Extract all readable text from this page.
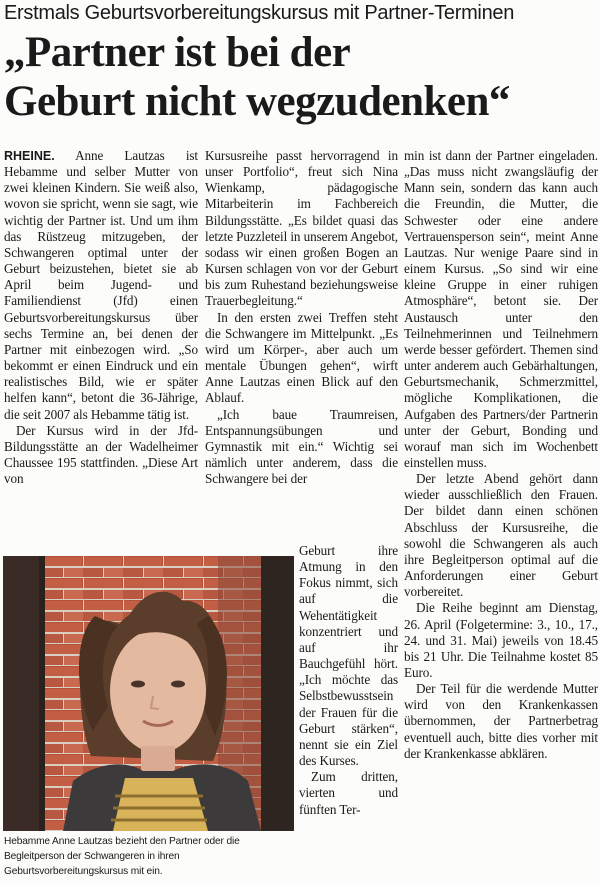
Erstmals Geburtsvorbereitungskursus mit Partner-Terminen
„Partner ist bei der
Geburt nicht wegzudenken“

RHEINE. Anne Lautzas ist Hebamme und selber Mutter von zwei kleinen Kindern. Sie weiß also, wovon sie spricht, wenn sie sagt, wie wichtig der Partner ist. Und um ihm das Rüstzeug mitzugeben, der Schwangeren optimal unter der Geburt beizustehen, bietet sie ab April beim Jugend- und Familiendienst (Jfd) einen Geburtsvorbereitungskursus über sechs Termine an, bei denen der Partner mit einbezogen wird. „So bekommt er einen Eindruck und ein realistisches Bild, wie er später helfen kann“, betont die 36-Jährige, die seit 2007 als Hebamme tätig ist.

Der Kursus wird in der Jfd-Bildungsstätte an der Wadelheimer Chaussee 195 stattfinden. „Diese Art von

Kursusreihe passt hervorragend in unser Portfolio“, freut sich Nina Wienkamp, pädagogische Mitarbeiterin im Fachbereich Bildungsstätte. „Es bildet quasi das letzte Puzzleteil in unserem Angebot, sodass wir einen großen Bogen an Kursen schlagen von vor der Geburt bis zum Ruhestand beziehungsweise Trauerbegleitung.“

In den ersten zwei Treffen steht die Schwangere im Mittelpunkt. „Es wird um Körper-, aber auch um mentale Übungen gehen“, wirft Anne Lautzas einen Blick auf den Ablauf.

„Ich baue Traumreisen, Entspannungsübungen und Gymnastik mit ein.“ Wichtig sei nämlich unter anderem, dass die Schwangere bei der

Geburt ihre Atmung in den Fokus nimmt, sich auf die Wehentätigkeit konzentriert und auf ihr Bauchgefühl hört. „Ich möchte das Selbstbewusstsein der Frauen für die Geburt stärken“, nennt sie ein Ziel des Kurses.

Zum dritten, vierten und fünften Ter-

min ist dann der Partner eingeladen. „Das muss nicht zwangsläufig der Mann sein, sondern das kann auch die Freundin, die Mutter, die Schwester oder eine andere Vertrauensperson sein“, meint Anne Lautzas. Nur wenige Paare sind in einem Kursus. „So sind wir eine kleine Gruppe in einer ruhigen Atmosphäre“, betont sie. Der Austausch unter den Teilnehmerinnen und Teilnehmern werde besser gefördert. Themen sind unter anderem auch Gebärhaltungen, Geburtsmechanik, Schmerzmittel, mögliche Komplikationen, die Aufgaben des Partners/der Partnerin unter der Geburt, Bonding und worauf man sich im Wochenbett einstellen muss.

Der letzte Abend gehört dann wieder ausschließlich den Frauen. Der bildet dann einen schönen Abschluss der Kursusreihe, die sowohl die Schwangeren als auch ihre Begleitperson optimal auf die Anforderungen einer Geburt vorbereitet.

Die Reihe beginnt am Dienstag, 26. April (Folgetermine: 3., 10., 17., 24. und 31. Mai) jeweils von 18.45 bis 21 Uhr. Die Teilnahme kostet 85 Euro.

Der Teil für die werdende Mutter wird von den Krankenkassen übernommen, der Partnerbetrag eventuell auch, bitte dies vorher mit der Krankenkasse abklären.

Hebamme Anne Lautzas bezieht den Partner oder die Begleitperson der Schwangeren in ihren Geburtsvorbereitungskursus mit ein.
